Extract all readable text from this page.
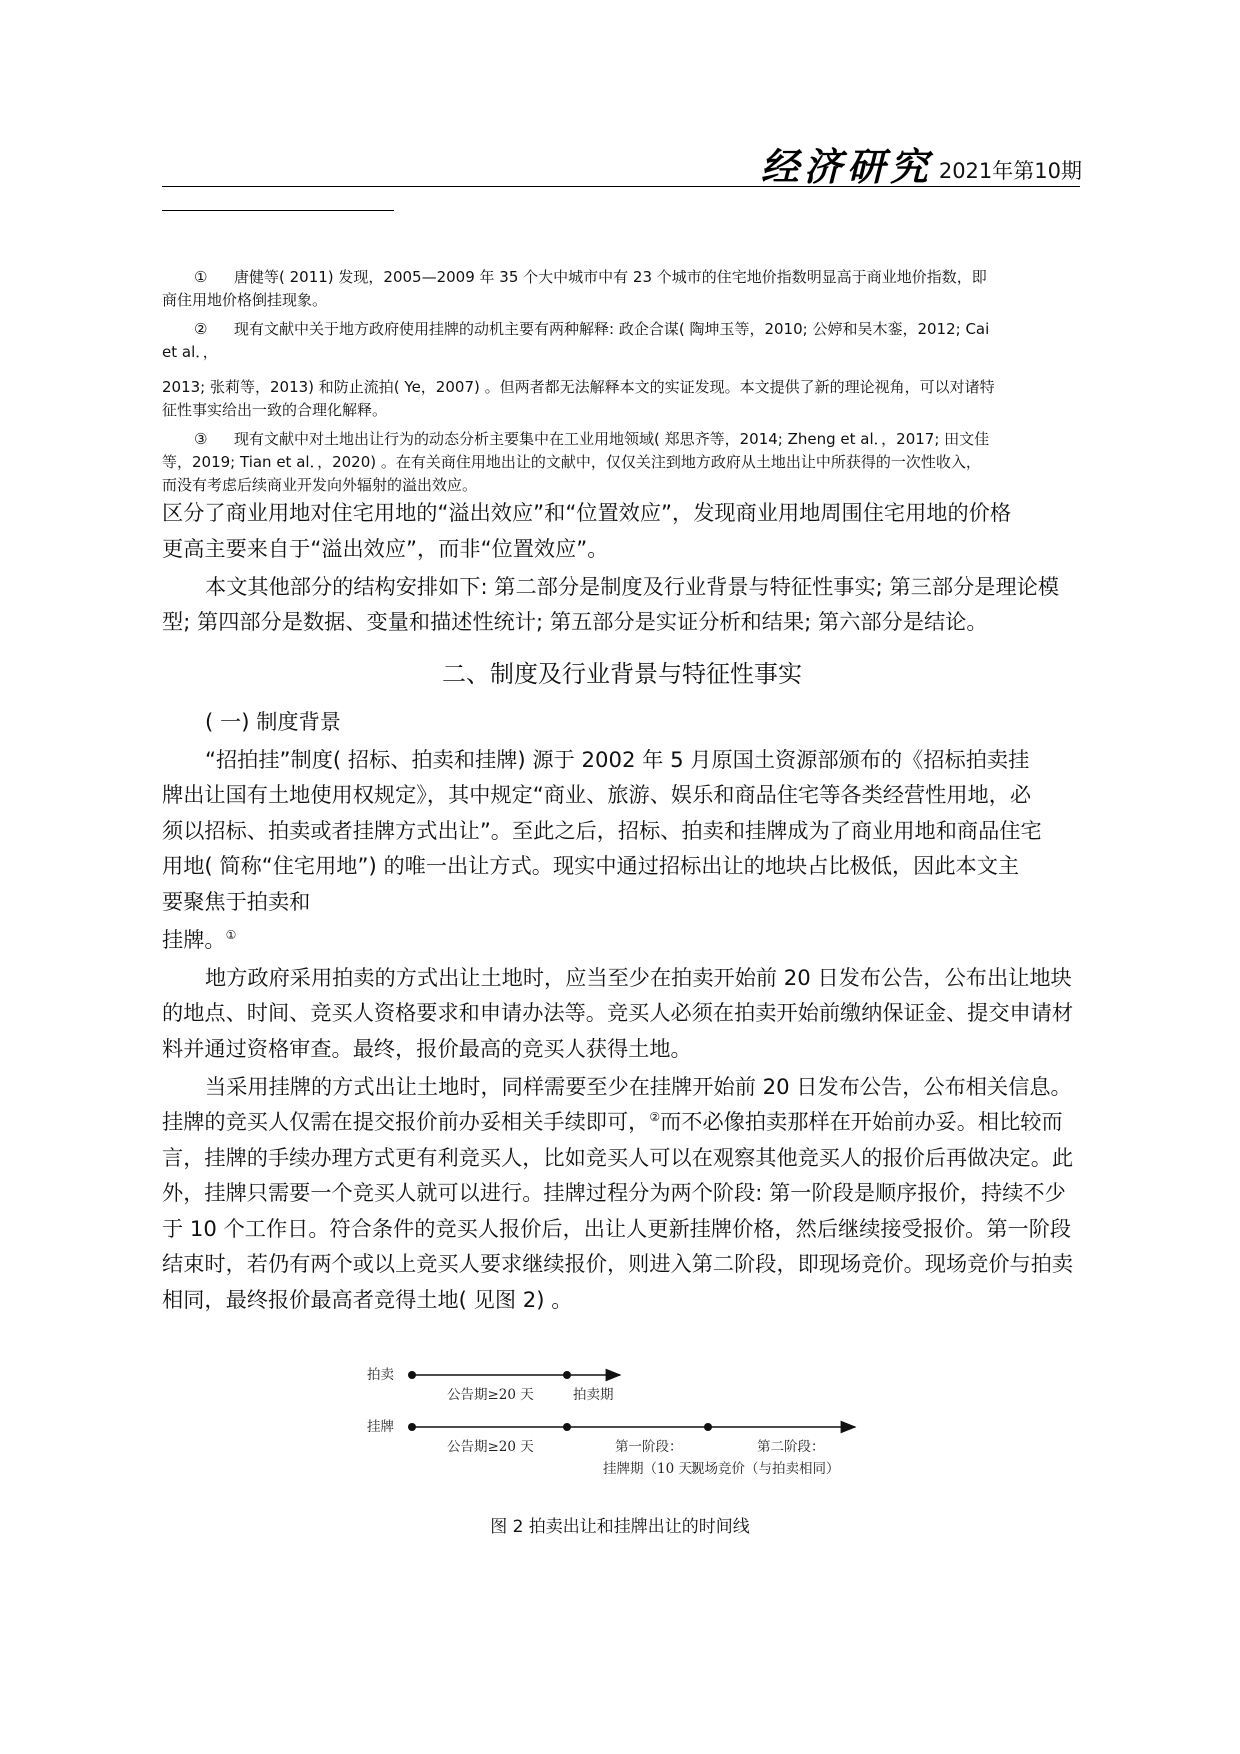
经济研究 2021年第10期

① 唐健等( 2011) 发现，2005—2009 年 35 个大中城市中有 23 个城市的住宅地价指数明显高于商业地价指数，即
商住用地价格倒挂现象。

② 现有文献中关于地方政府使用挂牌的动机主要有两种解释: 政企合谋( 陶坤玉等，2010; 公婷和吴木銮，2012; Cai
et al．，

2013; 张莉等，2013) 和防止流拍( Ye，2007) 。但两者都无法解释本文的实证发现。本文提供了新的理论视角，可以对诸特
征性事实给出一致的合理化解释。

③ 现有文献中对土地出让行为的动态分析主要集中在工业用地领域( 郑思齐等，2014; Zheng et al．，2017; 田文佳
等，2019; Tian et al．，2020) 。在有关商住用地出让的文献中，仅仅关注到地方政府从土地出让中所获得的一次性收入，
而没有考虑后续商业开发向外辐射的溢出效应。

区分了商业用地对住宅用地的“溢出效应”和“位置效应”，发现商业用地周围住宅用地的价格
更高主要来自于“溢出效应”，而非“位置效应”。

本文其他部分的结构安排如下: 第二部分是制度及行业背景与特征性事实; 第三部分是理论模型; 第四部分是数据、变量和描述性统计; 第五部分是实证分析和结果; 第六部分是结论。

二、制度及行业背景与特征性事实

( 一) 制度背景

“招拍挂”制度( 招标、拍卖和挂牌) 源于 2002 年 5 月原国土资源部颁布的《招标拍卖挂
牌出让国有土地使用权规定》，其中规定“商业、旅游、娱乐和商品住宅等各类经营性用地，必
须以招标、拍卖或者挂牌方式出让”。至此之后，招标、拍卖和挂牌成为了商业用地和商品住宅
用地( 简称“住宅用地”) 的唯一出让方式。现实中通过招标出让的地块占比极低，因此本文主
要聚焦于拍卖和

挂牌。①

地方政府采用拍卖的方式出让土地时，应当至少在拍卖开始前 20 日发布公告，公布出让地块的地点、时间、竞买人资格要求和申请办法等。竞买人必须在拍卖开始前缴纳保证金、提交申请材料并通过资格审查。最终，报价最高的竞买人获得土地。

当采用挂牌的方式出让土地时，同样需要至少在挂牌开始前 20 日发布公告，公布相关信息。挂牌的竞买人仅需在提交报价前办妥相关手续即可，②而不必像拍卖那样在开始前办妥。相比较而言，挂牌的手续办理方式更有利竞买人，比如竞买人可以在观察其他竞买人的报价后再做决定。此外，挂牌只需要一个竞买人就可以进行。挂牌过程分为两个阶段: 第一阶段是顺序报价，持续不少于 10 个工作日。符合条件的竞买人报价后，出让人更新挂牌价格，然后继续接受报价。第一阶段结束时，若仍有两个或以上竞买人要求继续报价，则进入第二阶段，即现场竞价。现场竞价与拍卖相同，最终报价最高者竞得土地( 见图 2) 。

拍卖
公告期≥20 天	拍卖期
挂牌
公告期≥20 天	第一阶段：
挂牌期（10 天）
第二阶段：
现场竞价（与拍卖相同）
图 2 拍卖出让和挂牌出让的时间线
